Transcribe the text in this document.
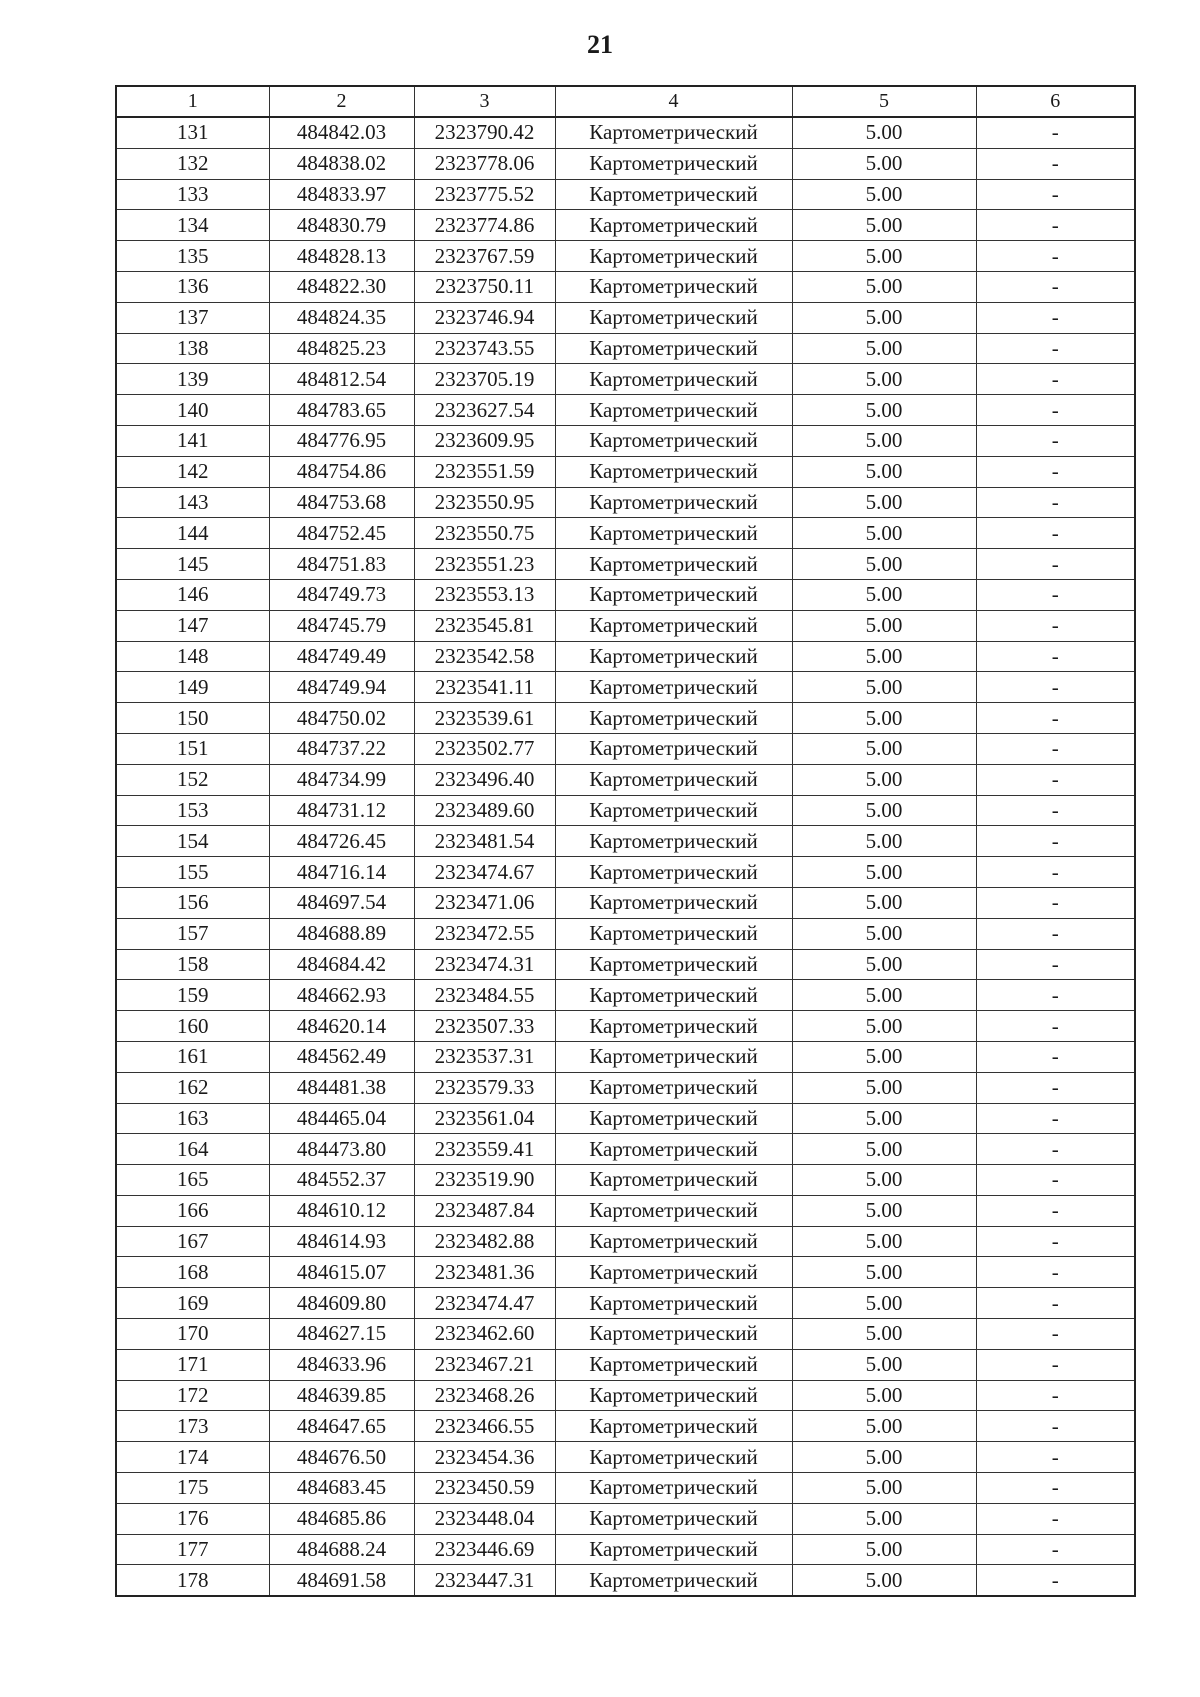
21
1	2	3	4	5	6
131	484842.03	2323790.42	Картометрический	5.00	-
132	484838.02	2323778.06	Картометрический	5.00	-
133	484833.97	2323775.52	Картометрический	5.00	-
134	484830.79	2323774.86	Картометрический	5.00	-
135	484828.13	2323767.59	Картометрический	5.00	-
136	484822.30	2323750.11	Картометрический	5.00	-
137	484824.35	2323746.94	Картометрический	5.00	-
138	484825.23	2323743.55	Картометрический	5.00	-
139	484812.54	2323705.19	Картометрический	5.00	-
140	484783.65	2323627.54	Картометрический	5.00	-
141	484776.95	2323609.95	Картометрический	5.00	-
142	484754.86	2323551.59	Картометрический	5.00	-
143	484753.68	2323550.95	Картометрический	5.00	-
144	484752.45	2323550.75	Картометрический	5.00	-
145	484751.83	2323551.23	Картометрический	5.00	-
146	484749.73	2323553.13	Картометрический	5.00	-
147	484745.79	2323545.81	Картометрический	5.00	-
148	484749.49	2323542.58	Картометрический	5.00	-
149	484749.94	2323541.11	Картометрический	5.00	-
150	484750.02	2323539.61	Картометрический	5.00	-
151	484737.22	2323502.77	Картометрический	5.00	-
152	484734.99	2323496.40	Картометрический	5.00	-
153	484731.12	2323489.60	Картометрический	5.00	-
154	484726.45	2323481.54	Картометрический	5.00	-
155	484716.14	2323474.67	Картометрический	5.00	-
156	484697.54	2323471.06	Картометрический	5.00	-
157	484688.89	2323472.55	Картометрический	5.00	-
158	484684.42	2323474.31	Картометрический	5.00	-
159	484662.93	2323484.55	Картометрический	5.00	-
160	484620.14	2323507.33	Картометрический	5.00	-
161	484562.49	2323537.31	Картометрический	5.00	-
162	484481.38	2323579.33	Картометрический	5.00	-
163	484465.04	2323561.04	Картометрический	5.00	-
164	484473.80	2323559.41	Картометрический	5.00	-
165	484552.37	2323519.90	Картометрический	5.00	-
166	484610.12	2323487.84	Картометрический	5.00	-
167	484614.93	2323482.88	Картометрический	5.00	-
168	484615.07	2323481.36	Картометрический	5.00	-
169	484609.80	2323474.47	Картометрический	5.00	-
170	484627.15	2323462.60	Картометрический	5.00	-
171	484633.96	2323467.21	Картометрический	5.00	-
172	484639.85	2323468.26	Картометрический	5.00	-
173	484647.65	2323466.55	Картометрический	5.00	-
174	484676.50	2323454.36	Картометрический	5.00	-
175	484683.45	2323450.59	Картометрический	5.00	-
176	484685.86	2323448.04	Картометрический	5.00	-
177	484688.24	2323446.69	Картометрический	5.00	-
178	484691.58	2323447.31	Картометрический	5.00	-
